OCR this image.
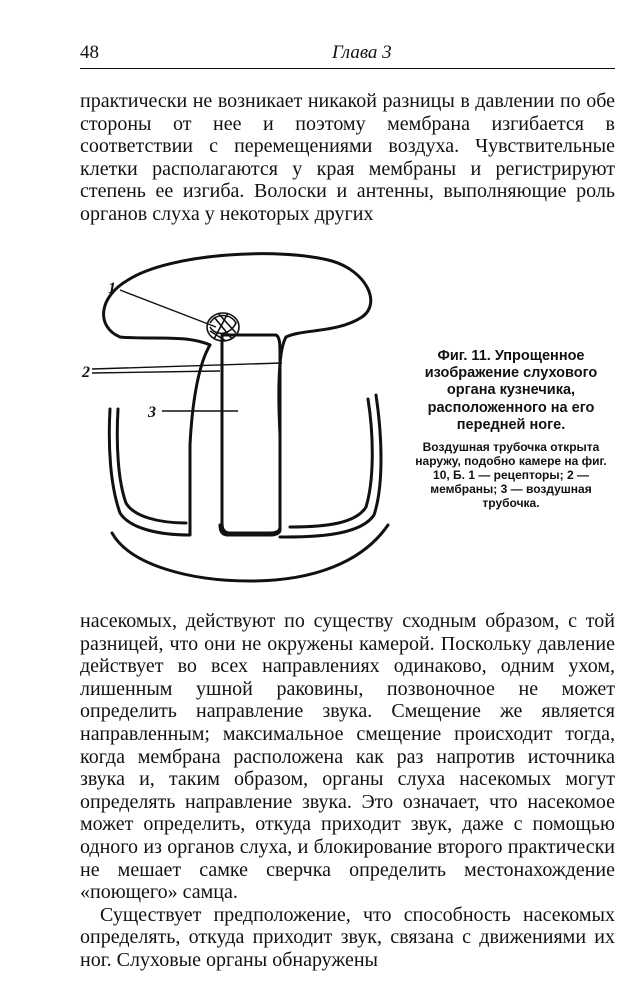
48	Глава 3

практически не возникает никакой разницы в давлении по обе стороны от нее и поэтому мембрана изгибается в соответствии с перемещениями воздуха. Чувствительные клетки располагаются у края мембраны и регистрируют степень ее изгиба. Волоски и антенны, выполняющие роль органов слуха у некоторых других

1
2
3

Фиг. 11. Упрощенное изображение слухового органа кузнечика, расположенного на его передней ноге.

Воздушная трубочка открыта наружу, подобно камере на фиг. 10, Б. 1 — рецепторы; 2 — мембраны; 3 — воздушная трубочка.

насекомых, действуют по существу сходным образом, с той разницей, что они не окружены камерой. Поскольку давление действует во всех направлениях одинаково, одним ухом, лишенным ушной раковины, позвоночное не может определить направление звука. Смещение же является направленным; максимальное смещение происходит тогда, когда мембрана расположена как раз напротив источника звука и, таким образом, органы слуха насекомых могут определять направление звука. Это означает, что насекомое может определить, откуда приходит звук, даже с помощью одного из органов слуха, и блокирование второго практически не мешает самке сверчка определить местонахождение «поющего» самца.

Существует предположение, что способность насекомых определять, откуда приходит звук, связана с движениями их ног. Слуховые органы обнаружены
